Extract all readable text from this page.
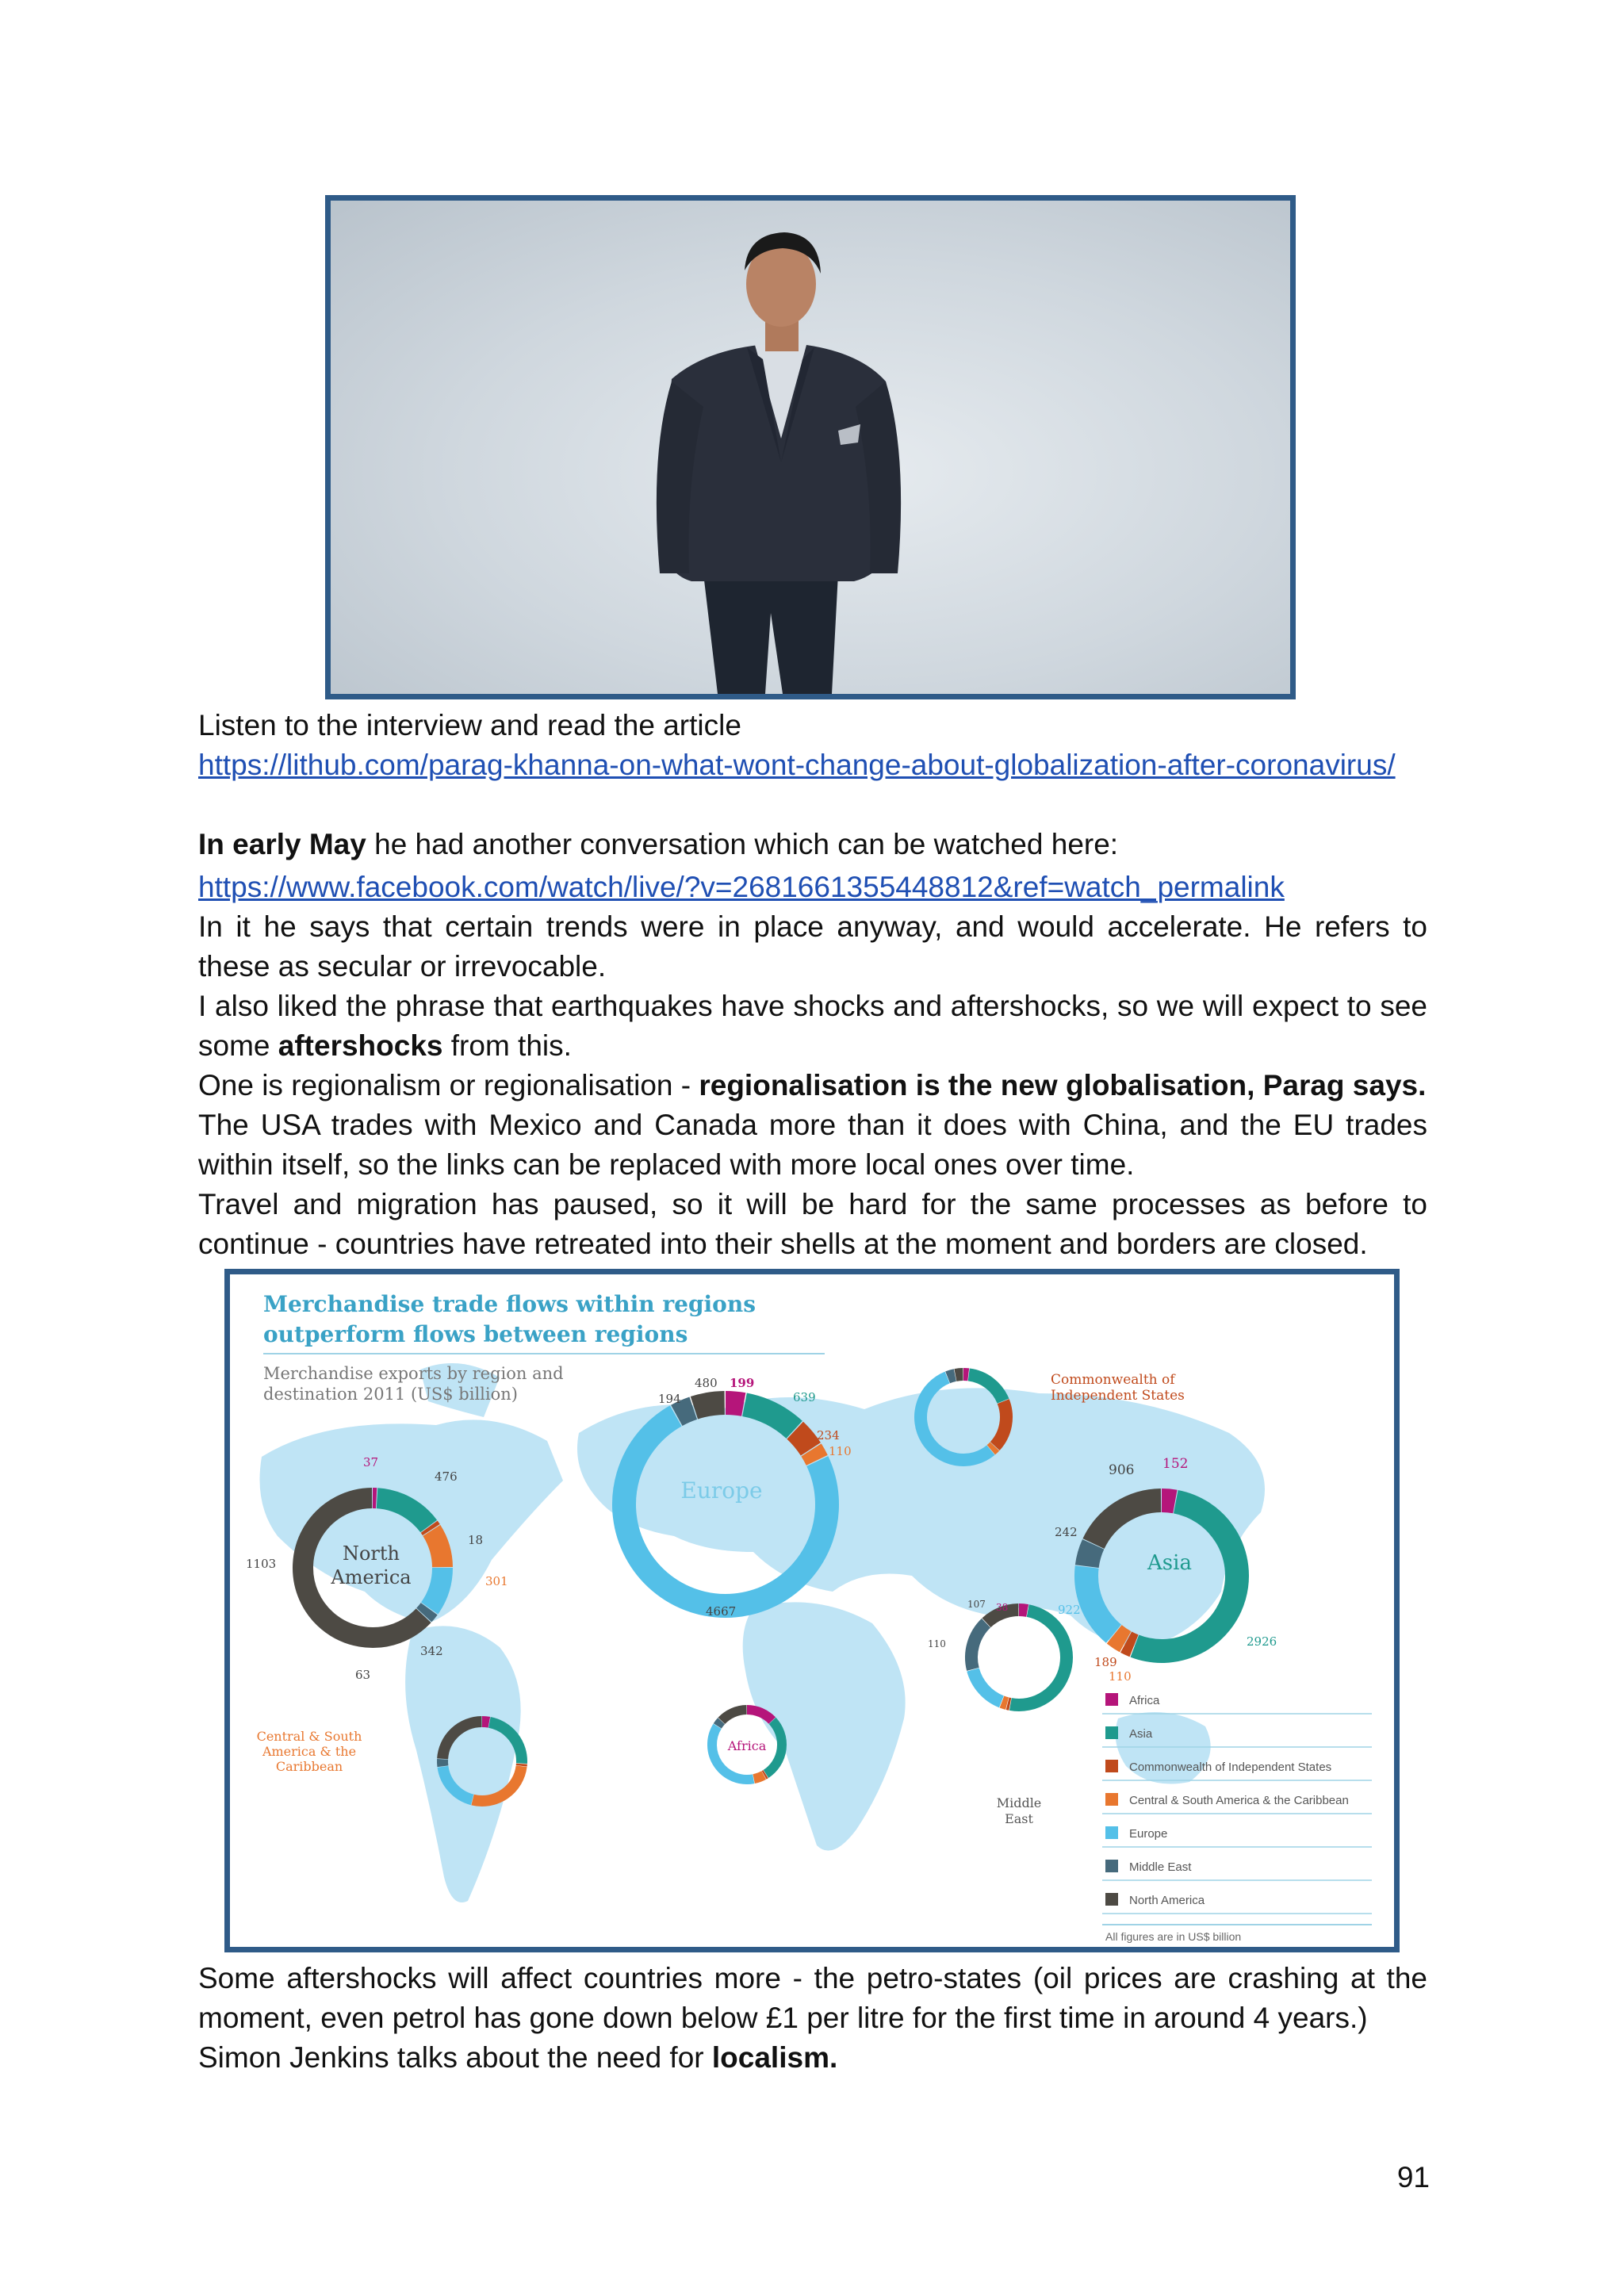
Listen to the interview and read the article

https://lithub.com/parag-khanna-on-what-wont-change-about-globalization-after-coronavirus/

In early May he had another conversation which can be watched here:

https://www.facebook.com/watch/live/?v=2681661355448812&ref=watch_permalink

In it he says that certain trends were in place anyway, and would accelerate. He refers to these as secular or irrevocable.

I also liked the phrase that earthquakes have shocks and aftershocks, so we will expect to see some aftershocks from this.

One is regionalism or regionalisation - regionalisation is the new globalisation, Parag says.

The USA trades with Mexico and Canada more than it does with China, and the EU trades within itself, so the links can be replaced with more local ones over time.

Travel and migration has paused, so it will be hard for the same processes as before to continue - countries have retreated into their shells at the moment and borders are closed.

Merchandise trade flows within regions
outperform flows between regions
Merchandise exports by region and
destination 2011 (US$ billion)
North
America
Europe
Asia
Middle
East
Africa
Commonwealth of
Independent States
Central & South
America & the
Caribbean
37
476
18
301
342
63
1103
480 199
639
234
110
194
4667
906 152
242
922
2926
189
110
107 38
110
Africa
Asia
Commonwealth of Independent States
Central & South America & the Caribbean
Europe
Middle East
North America
All figures are in US$ billion

Some aftershocks will affect countries more - the petro-states (oil prices are crashing at the moment, even petrol has gone down below £1 per litre for the first time in around 4 years.)

Simon Jenkins talks about the need for localism.

91
